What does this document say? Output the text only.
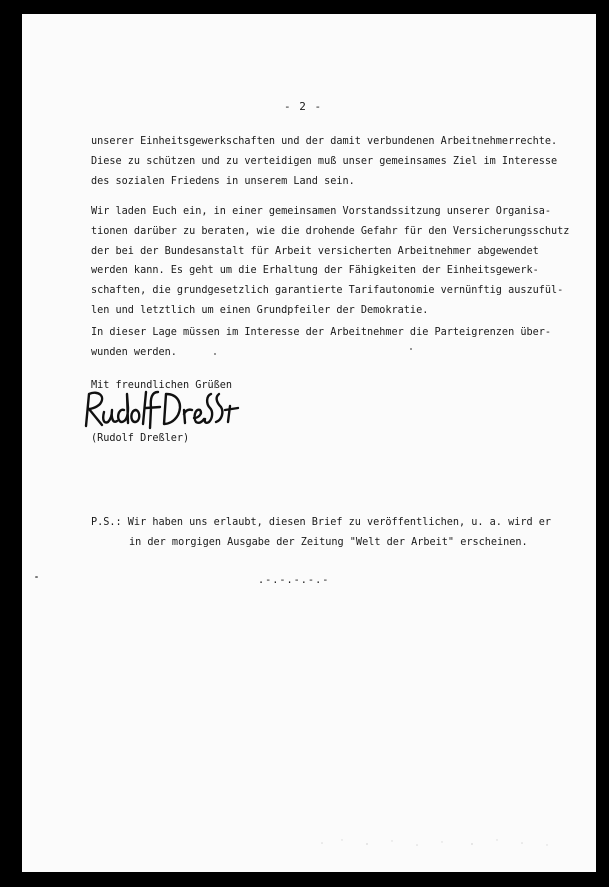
- 2 -

unserer Einheitsgewerkschaften und der damit verbundenen Arbeitnehmerrechte.
Diese zu schützen und zu verteidigen muß unser gemeinsames Ziel im Interesse
des sozialen Friedens in unserem Land sein.

Wir laden Euch ein, in einer gemeinsamen Vorstandssitzung unserer Organisa-
tionen darüber zu beraten, wie die drohende Gefahr für den Versicherungsschutz
der bei der Bundesanstalt für Arbeit versicherten Arbeitnehmer abgewendet
werden kann. Es geht um die Erhaltung der Fähigkeiten der Einheitsgewerk-
schaften, die grundgesetzlich garantierte Tarifautonomie vernünftig auszufül-
len und letztlich um einen Grundpfeiler der Demokratie.

In dieser Lage müssen im Interesse der Arbeitnehmer die Parteigrenzen über-
wunden werden.

Mit freundlichen Grüßen
(Rudolf Dreßler)

P.S.: Wir haben uns erlaubt, diesen Brief zu veröffentlichen, u. a. wird er
in der morgigen Ausgabe der Zeitung "Welt der Arbeit" erscheinen.

.-.-.-.-.-
